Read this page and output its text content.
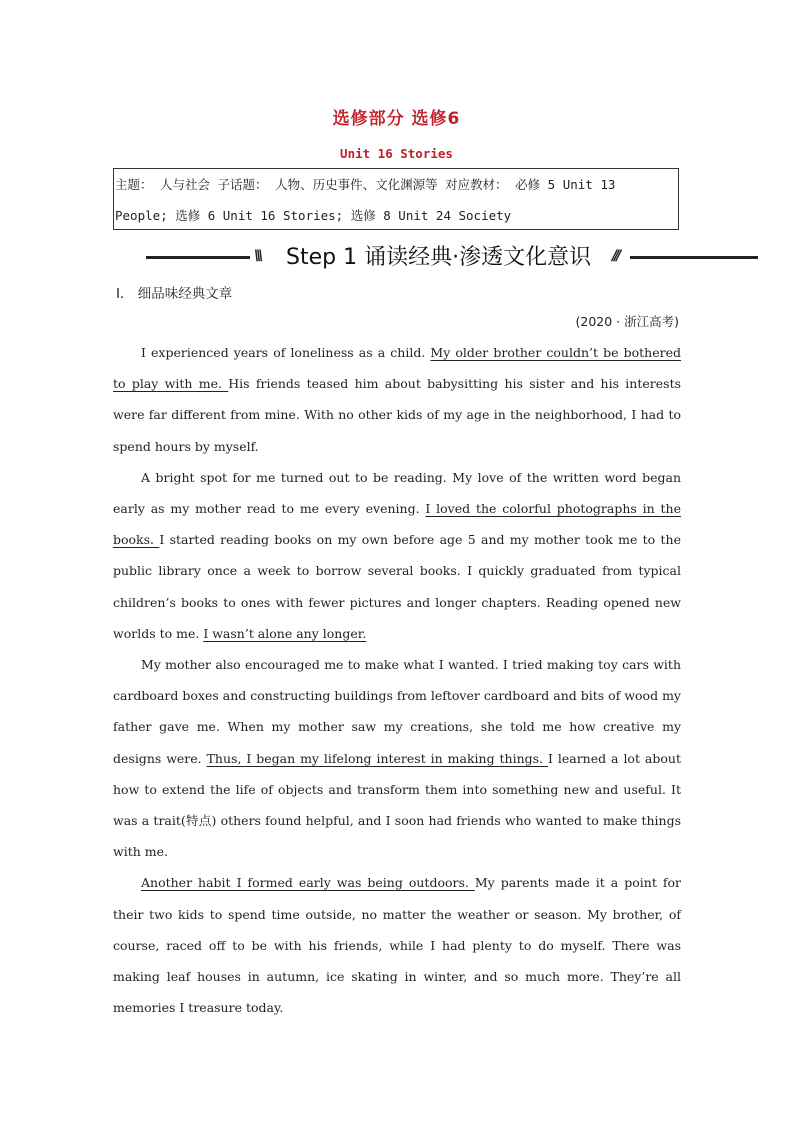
选修部分 选修6
Unit 16 Stories
主题： 人与社会 子话题： 人物、历史事件、文化渊源等 对应教材： 必修 5 Unit 13
People; 选修 6 Unit 16 Stories; 选修 8 Unit 24 Society
\\\ Step 1 诵读经典·渗透文化意识 ///
Ⅰ． 细品味经典文章
(2020 · 浙江高考)

I experienced years of loneliness as a child. My older brother couldn’t be bothered to play with me. His friends teased him about babysitting his sister and his interests were far different from mine. With no other kids of my age in the neighborhood, I had to spend hours by myself.

A bright spot for me turned out to be reading. My love of the written word began early as my mother read to me every evening. I loved the colorful photographs in the books. I started reading books on my own before age 5 and my mother took me to the public library once a week to borrow several books. I quickly graduated from typical children’s books to ones with fewer pictures and longer chapters. Reading opened new worlds to me. I wasn’t alone any longer.

My mother also encouraged me to make what I wanted. I tried making toy cars with cardboard boxes and constructing buildings from leftover cardboard and bits of wood my father gave me. When my mother saw my creations, she told me how creative my designs were. Thus, I began my lifelong interest in making things. I learned a lot about how to extend the life of objects and transform them into something new and useful. It was a trait(特点) others found helpful, and I soon had friends who wanted to make things with me.

Another habit I formed early was being outdoors. My parents made it a point for their two kids to spend time outside, no matter the weather or season. My brother, of course, raced off to be with his friends, while I had plenty to do myself. There was making leaf houses in autumn, ice skating in winter, and so much more. They’re all memories I treasure today.
